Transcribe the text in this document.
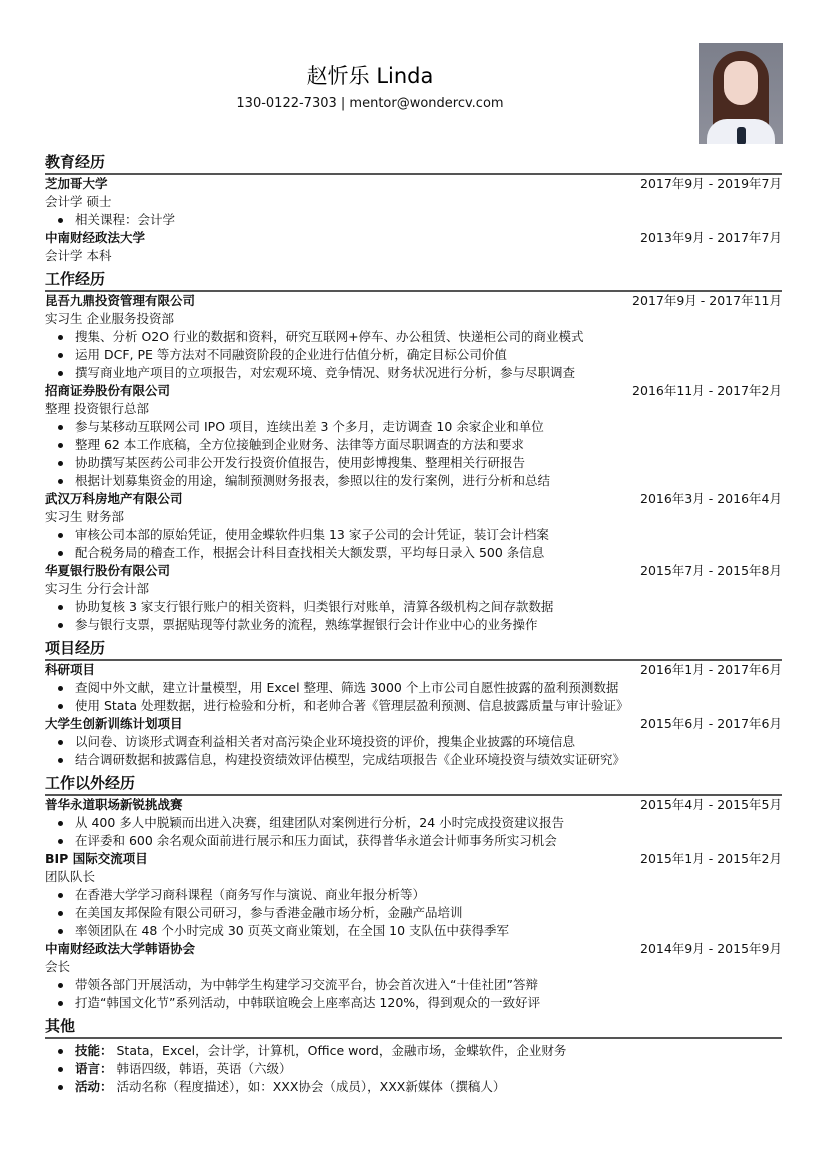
赵忻乐 Linda
130-0122-7303 | mentor@wondercv.com
教育经历
芝加哥大学	2017年9月 - 2019年7月
会计学 硕士
相关课程：会计学
中南财经政法大学	2013年9月 - 2017年7月
会计学 本科
工作经历
昆吾九鼎投资管理有限公司	2017年9月 - 2017年11月
实习生 企业服务投资部
搜集、分析 O2O 行业的数据和资料，研究互联网+停车、办公租赁、快递柜公司的商业模式
运用 DCF, PE 等方法对不同融资阶段的企业进行估值分析，确定目标公司价值
撰写商业地产项目的立项报告，对宏观环境、竞争情况、财务状况进行分析，参与尽职调查
招商证券股份有限公司	2016年11月 - 2017年2月
整理 投资银行总部
参与某移动互联网公司 IPO 项目，连续出差 3 个多月，走访调查 10 余家企业和单位
整理 62 本工作底稿，全方位接触到企业财务、法律等方面尽职调查的方法和要求
协助撰写某医药公司非公开发行投资价值报告，使用彭博搜集、整理相关行研报告
根据计划募集资金的用途，编制预测财务报表，参照以往的发行案例，进行分析和总结
武汉万科房地产有限公司	2016年3月 - 2016年4月
实习生 财务部
审核公司本部的原始凭证，使用金蝶软件归集 13 家子公司的会计凭证，装订会计档案
配合税务局的稽查工作，根据会计科目查找相关大额发票，平均每日录入 500 条信息
华夏银行股份有限公司	2015年7月 - 2015年8月
实习生 分行会计部
协助复核 3 家支行银行账户的相关资料，归类银行对账单，清算各级机构之间存款数据
参与银行支票，票据贴现等付款业务的流程，熟练掌握银行会计作业中心的业务操作
项目经历
科研项目	2016年1月 - 2017年6月
查阅中外文献，建立计量模型，用 Excel 整理、筛选 3000 个上市公司自愿性披露的盈利预测数据
使用 Stata 处理数据，进行检验和分析，和老帅合著《管理层盈利预测、信息披露质量与审计验证》
大学生创新训练计划项目	2015年6月 - 2017年6月
以问卷、访谈形式调查利益相关者对高污染企业环境投资的评价，搜集企业披露的环境信息
结合调研数据和披露信息，构建投资绩效评估模型，完成结项报告《企业环境投资与绩效实证研究》
工作以外经历
普华永道职场新锐挑战赛	2015年4月 - 2015年5月
从 400 多人中脱颖而出进入决赛，组建团队对案例进行分析，24 小时完成投资建议报告
在评委和 600 余名观众面前进行展示和压力面试，获得普华永道会计师事务所实习机会
BIP 国际交流项目	2015年1月 - 2015年2月
团队队长
在香港大学学习商科课程（商务写作与演说、商业年报分析等）
在美国友邦保险有限公司研习，参与香港金融市场分析，金融产品培训
率领团队在 48 个小时完成 30 页英文商业策划，在全国 10 支队伍中获得季军
中南财经政法大学韩语协会	2014年9月 - 2015年9月
会长
带领各部门开展活动，为中韩学生构建学习交流平台，协会首次进入“十佳社团”答辩
打造“韩国文化节”系列活动，中韩联谊晚会上座率高达 120%，得到观众的一致好评
其他
技能： Stata，Excel，会计学，计算机，Office word，金融市场，金蝶软件，企业财务
语言： 韩语四级，韩语，英语（六级）
活动： 活动名称（程度描述），如：XXX协会（成员），XXX新媒体（撰稿人）
